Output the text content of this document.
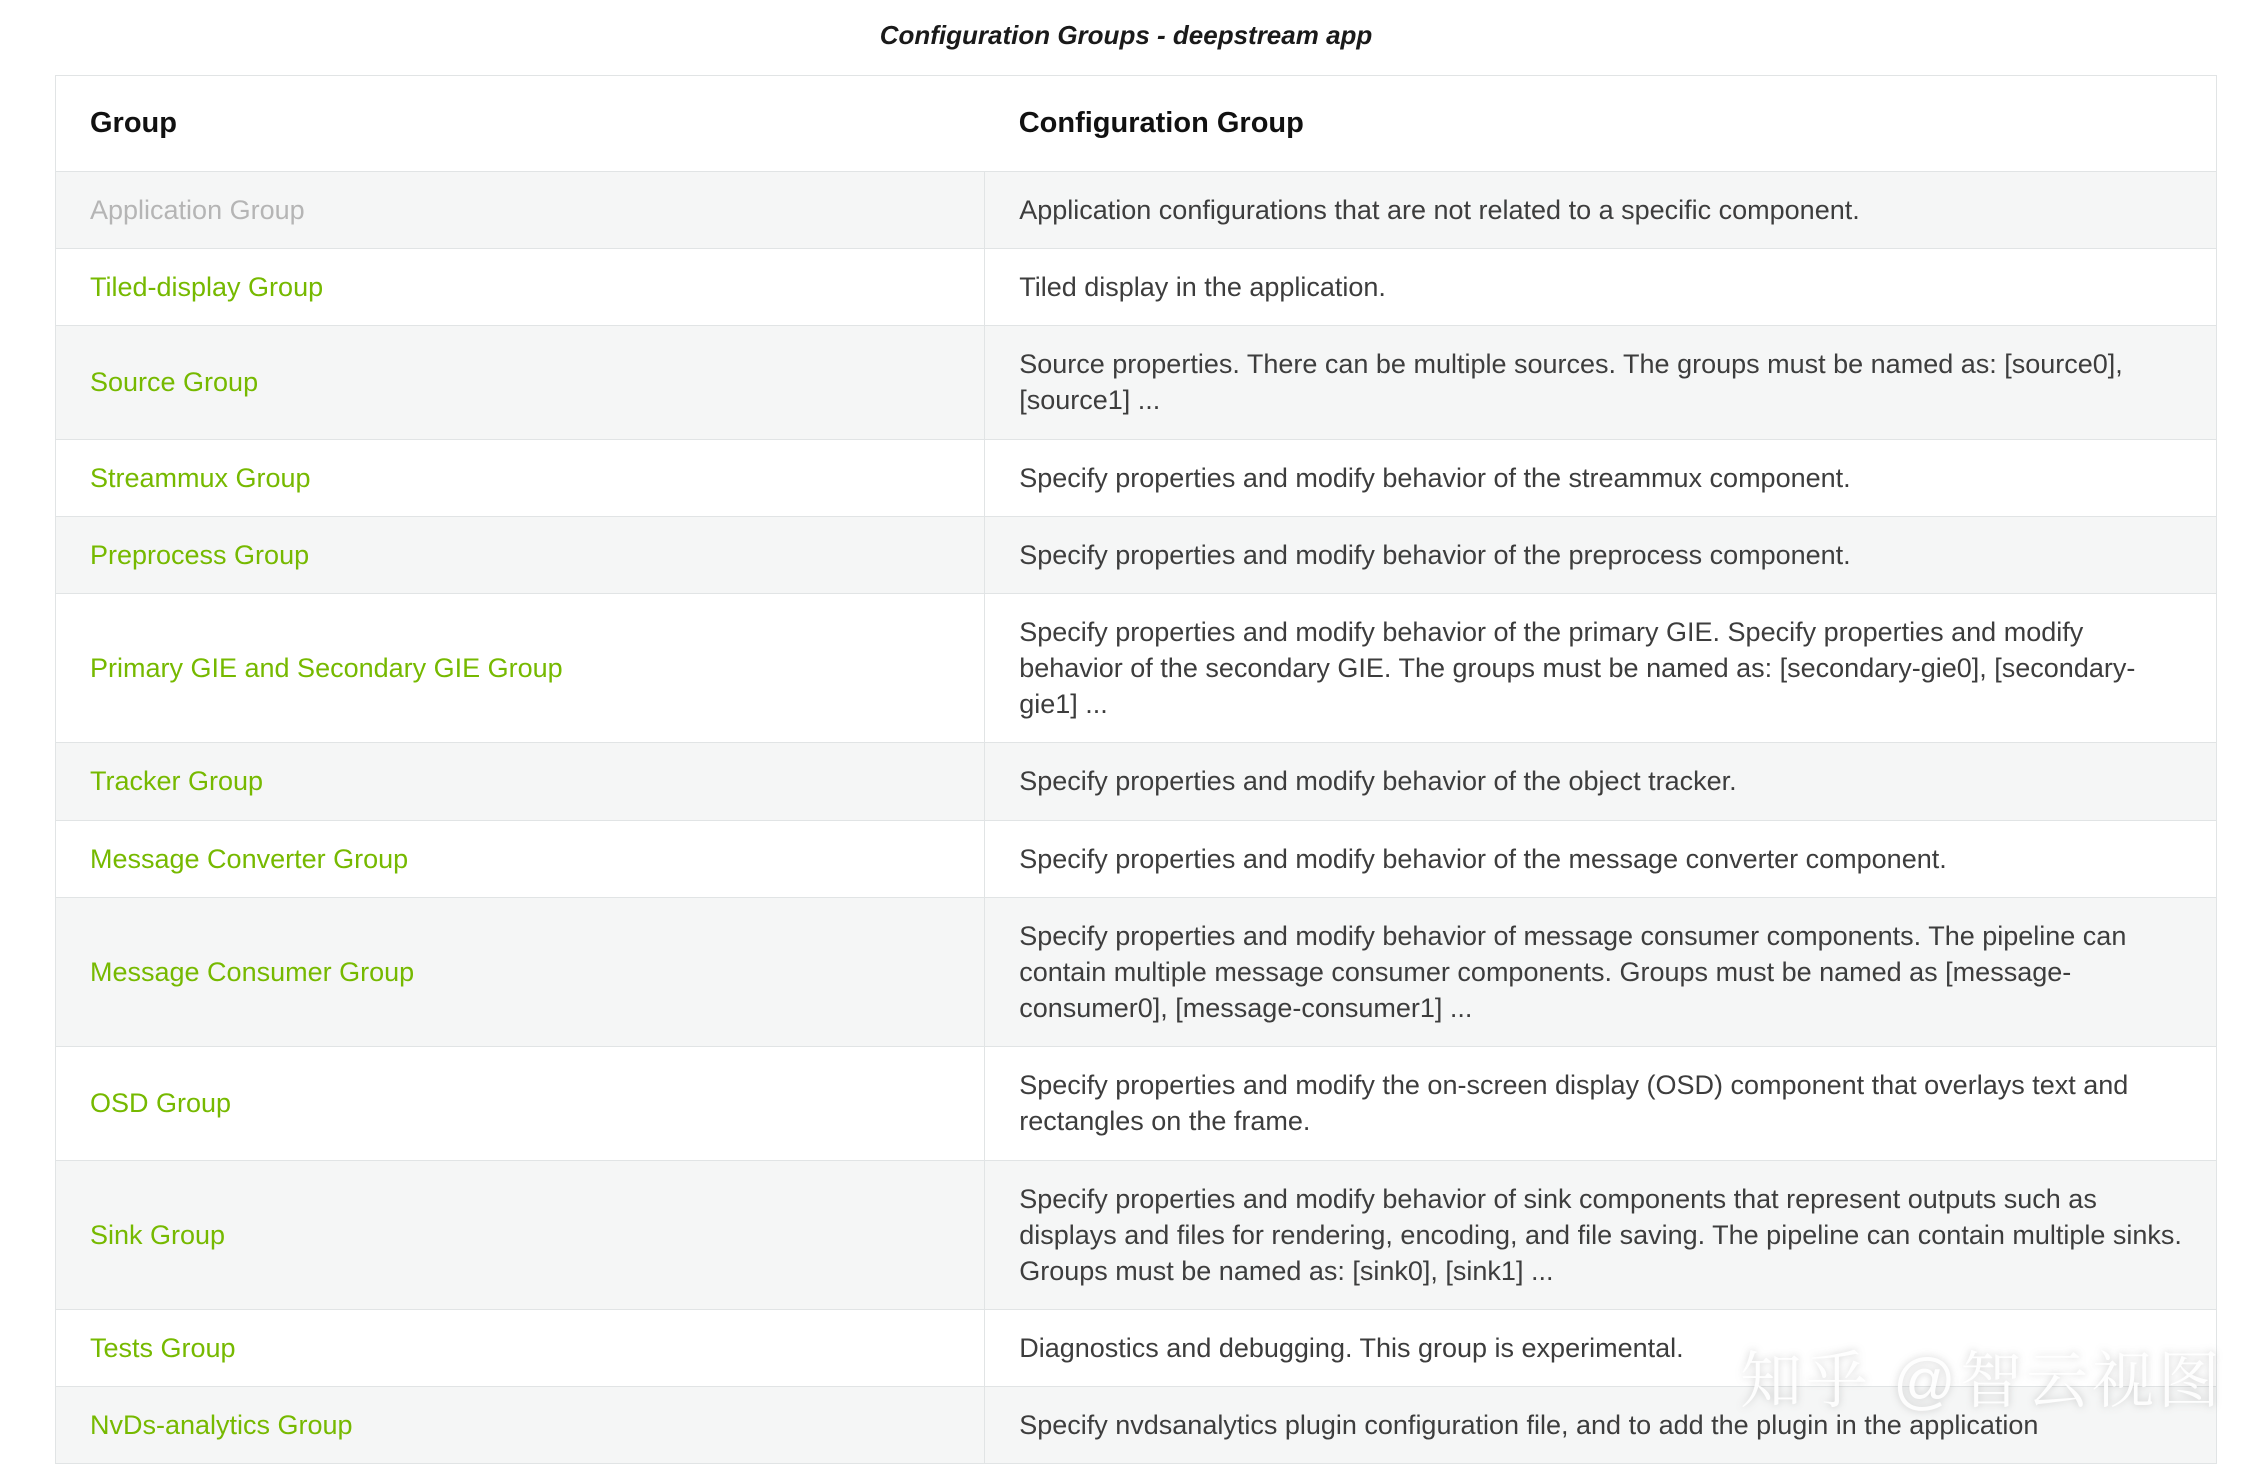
Configuration Groups - deepstream app
Group	Configuration Group
Application Group	Application configurations that are not related to a specific component.
Tiled-display Group	Tiled display in the application.
Source Group	Source properties. There can be multiple sources. The groups must be named as: [source0], [source1] ...
Streammux Group	Specify properties and modify behavior of the streammux component.
Preprocess Group	Specify properties and modify behavior of the preprocess component.
Primary GIE and Secondary GIE Group	Specify properties and modify behavior of the primary GIE. Specify properties and modify behavior of the secondary GIE. The groups must be named as: [secondary-gie0], [secondary-gie1] ...
Tracker Group	Specify properties and modify behavior of the object tracker.
Message Converter Group	Specify properties and modify behavior of the message converter component.
Message Consumer Group	Specify properties and modify behavior of message consumer components. The pipeline can contain multiple message consumer components. Groups must be named as [message-consumer0], [message-consumer1] ...
OSD Group	Specify properties and modify the on-screen display (OSD) component that overlays text and rectangles on the frame.
Sink Group	Specify properties and modify behavior of sink components that represent outputs such as displays and files for rendering, encoding, and file saving. The pipeline can contain multiple sinks. Groups must be named as: [sink0], [sink1] ...
Tests Group	Diagnostics and debugging. This group is experimental.
NvDs-analytics Group	Specify nvdsanalytics plugin configuration file, and to add the plugin in the application
知乎 @智云视图
